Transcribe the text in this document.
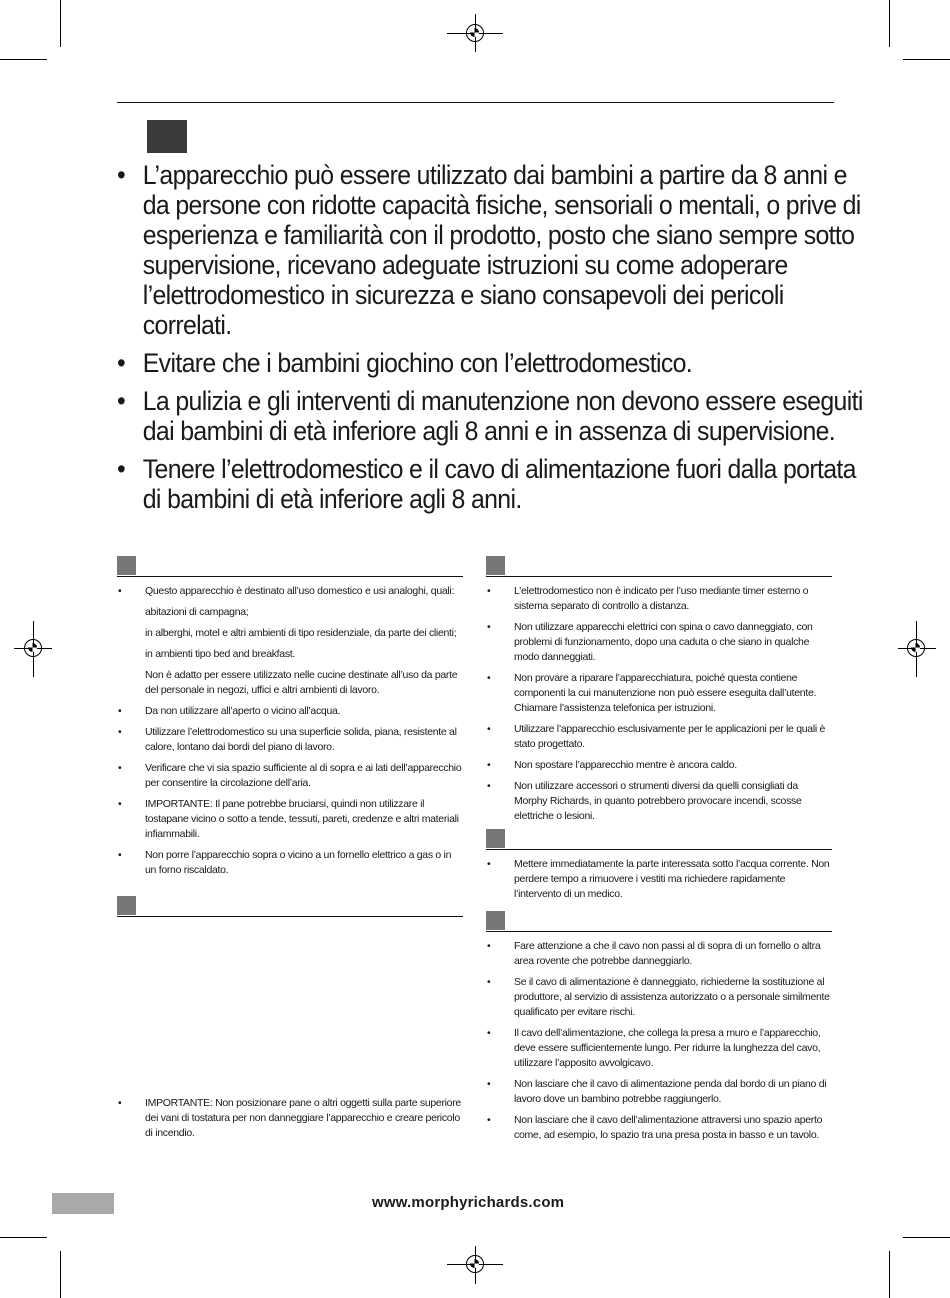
• L’apparecchio può essere utilizzato dai bambini a partire da 8 anni e da persone con ridotte capacità fisiche, sensoriali o mentali, o prive di esperienza e familiarità con il prodotto, posto che siano sempre sotto supervisione, ricevano adeguate istruzioni su come adoperare l’elettrodomestico in sicurezza e siano consapevoli dei pericoli correlati.
• Evitare che i bambini giochino con l’elettrodomestico.
• La pulizia e gli interventi di manutenzione non devono essere eseguiti dai bambini di età inferiore agli 8 anni e in assenza di supervisione.
• Tenere l’elettrodomestico e il cavo di alimentazione fuori dalla portata di bambini di età inferiore agli 8 anni.
• Questo apparecchio è destinato all’uso domestico e usi analoghi, quali:
abitazioni di campagna;
in alberghi, motel e altri ambienti di tipo residenziale, da parte dei clienti;
in ambienti tipo bed and breakfast.
Non è adatto per essere utilizzato nelle cucine destinate all’uso da parte del personale in negozi, uffici e altri ambienti di lavoro.
• Da non utilizzare all’aperto o vicino all’acqua.
• Utilizzare l’elettrodomestico su una superficie solida, piana, resistente al calore, lontano dai bordi del piano di lavoro.
• Verificare che vi sia spazio sufficiente al di sopra e ai lati dell’apparecchio per consentire la circolazione dell’aria.
• IMPORTANTE: Il pane potrebbe bruciarsi, quindi non utilizzare il tostapane vicino o sotto a tende, tessuti, pareti, credenze e altri materiali infiammabili.
• Non porre l’apparecchio sopra o vicino a un fornello elettrico a gas o in un forno riscaldato.
• IMPORTANTE: Non posizionare pane o altri oggetti sulla parte superiore dei vani di tostatura per non danneggiare l’apparecchio e creare pericolo di incendio.
• L’elettrodomestico non è indicato per l’uso mediante timer esterno o sistema separato di controllo a distanza.
• Non utilizzare apparecchi elettrici con spina o cavo danneggiato, con problemi di funzionamento, dopo una caduta o che siano in qualche modo danneggiati.
• Non provare a riparare l’apparecchiatura, poiché questa contiene componenti la cui manutenzione non può essere eseguita dall’utente. Chiamare l’assistenza telefonica per istruzioni.
• Utilizzare l’apparecchio esclusivamente per le applicazioni per le quali è stato progettato.
• Non spostare l’apparecchio mentre è ancora caldo.
• Non utilizzare accessori o strumenti diversi da quelli consigliati da Morphy Richards, in quanto potrebbero provocare incendi, scosse elettriche o lesioni.
• Mettere immediatamente la parte interessata sotto l’acqua corrente. Non perdere tempo a rimuovere i vestiti ma richiedere rapidamente l’intervento di un medico.
• Fare attenzione a che il cavo non passi al di sopra di un fornello o altra area rovente che potrebbe danneggiarlo.
• Se il cavo di alimentazione è danneggiato, richiederne la sostituzione al produttore, al servizio di assistenza autorizzato o a personale similmente qualificato per evitare rischi.
• Il cavo dell’alimentazione, che collega la presa a muro e l’apparecchio, deve essere sufficientemente lungo. Per ridurre la lunghezza del cavo, utilizzare l’apposito avvolgicavo.
• Non lasciare che il cavo di alimentazione penda dal bordo di un piano di lavoro dove un bambino potrebbe raggiungerlo.
• Non lasciare che il cavo dell’alimentazione attraversi uno spazio aperto come, ad esempio, lo spazio tra una presa posta in basso e un tavolo.
www.morphyrichards.com
